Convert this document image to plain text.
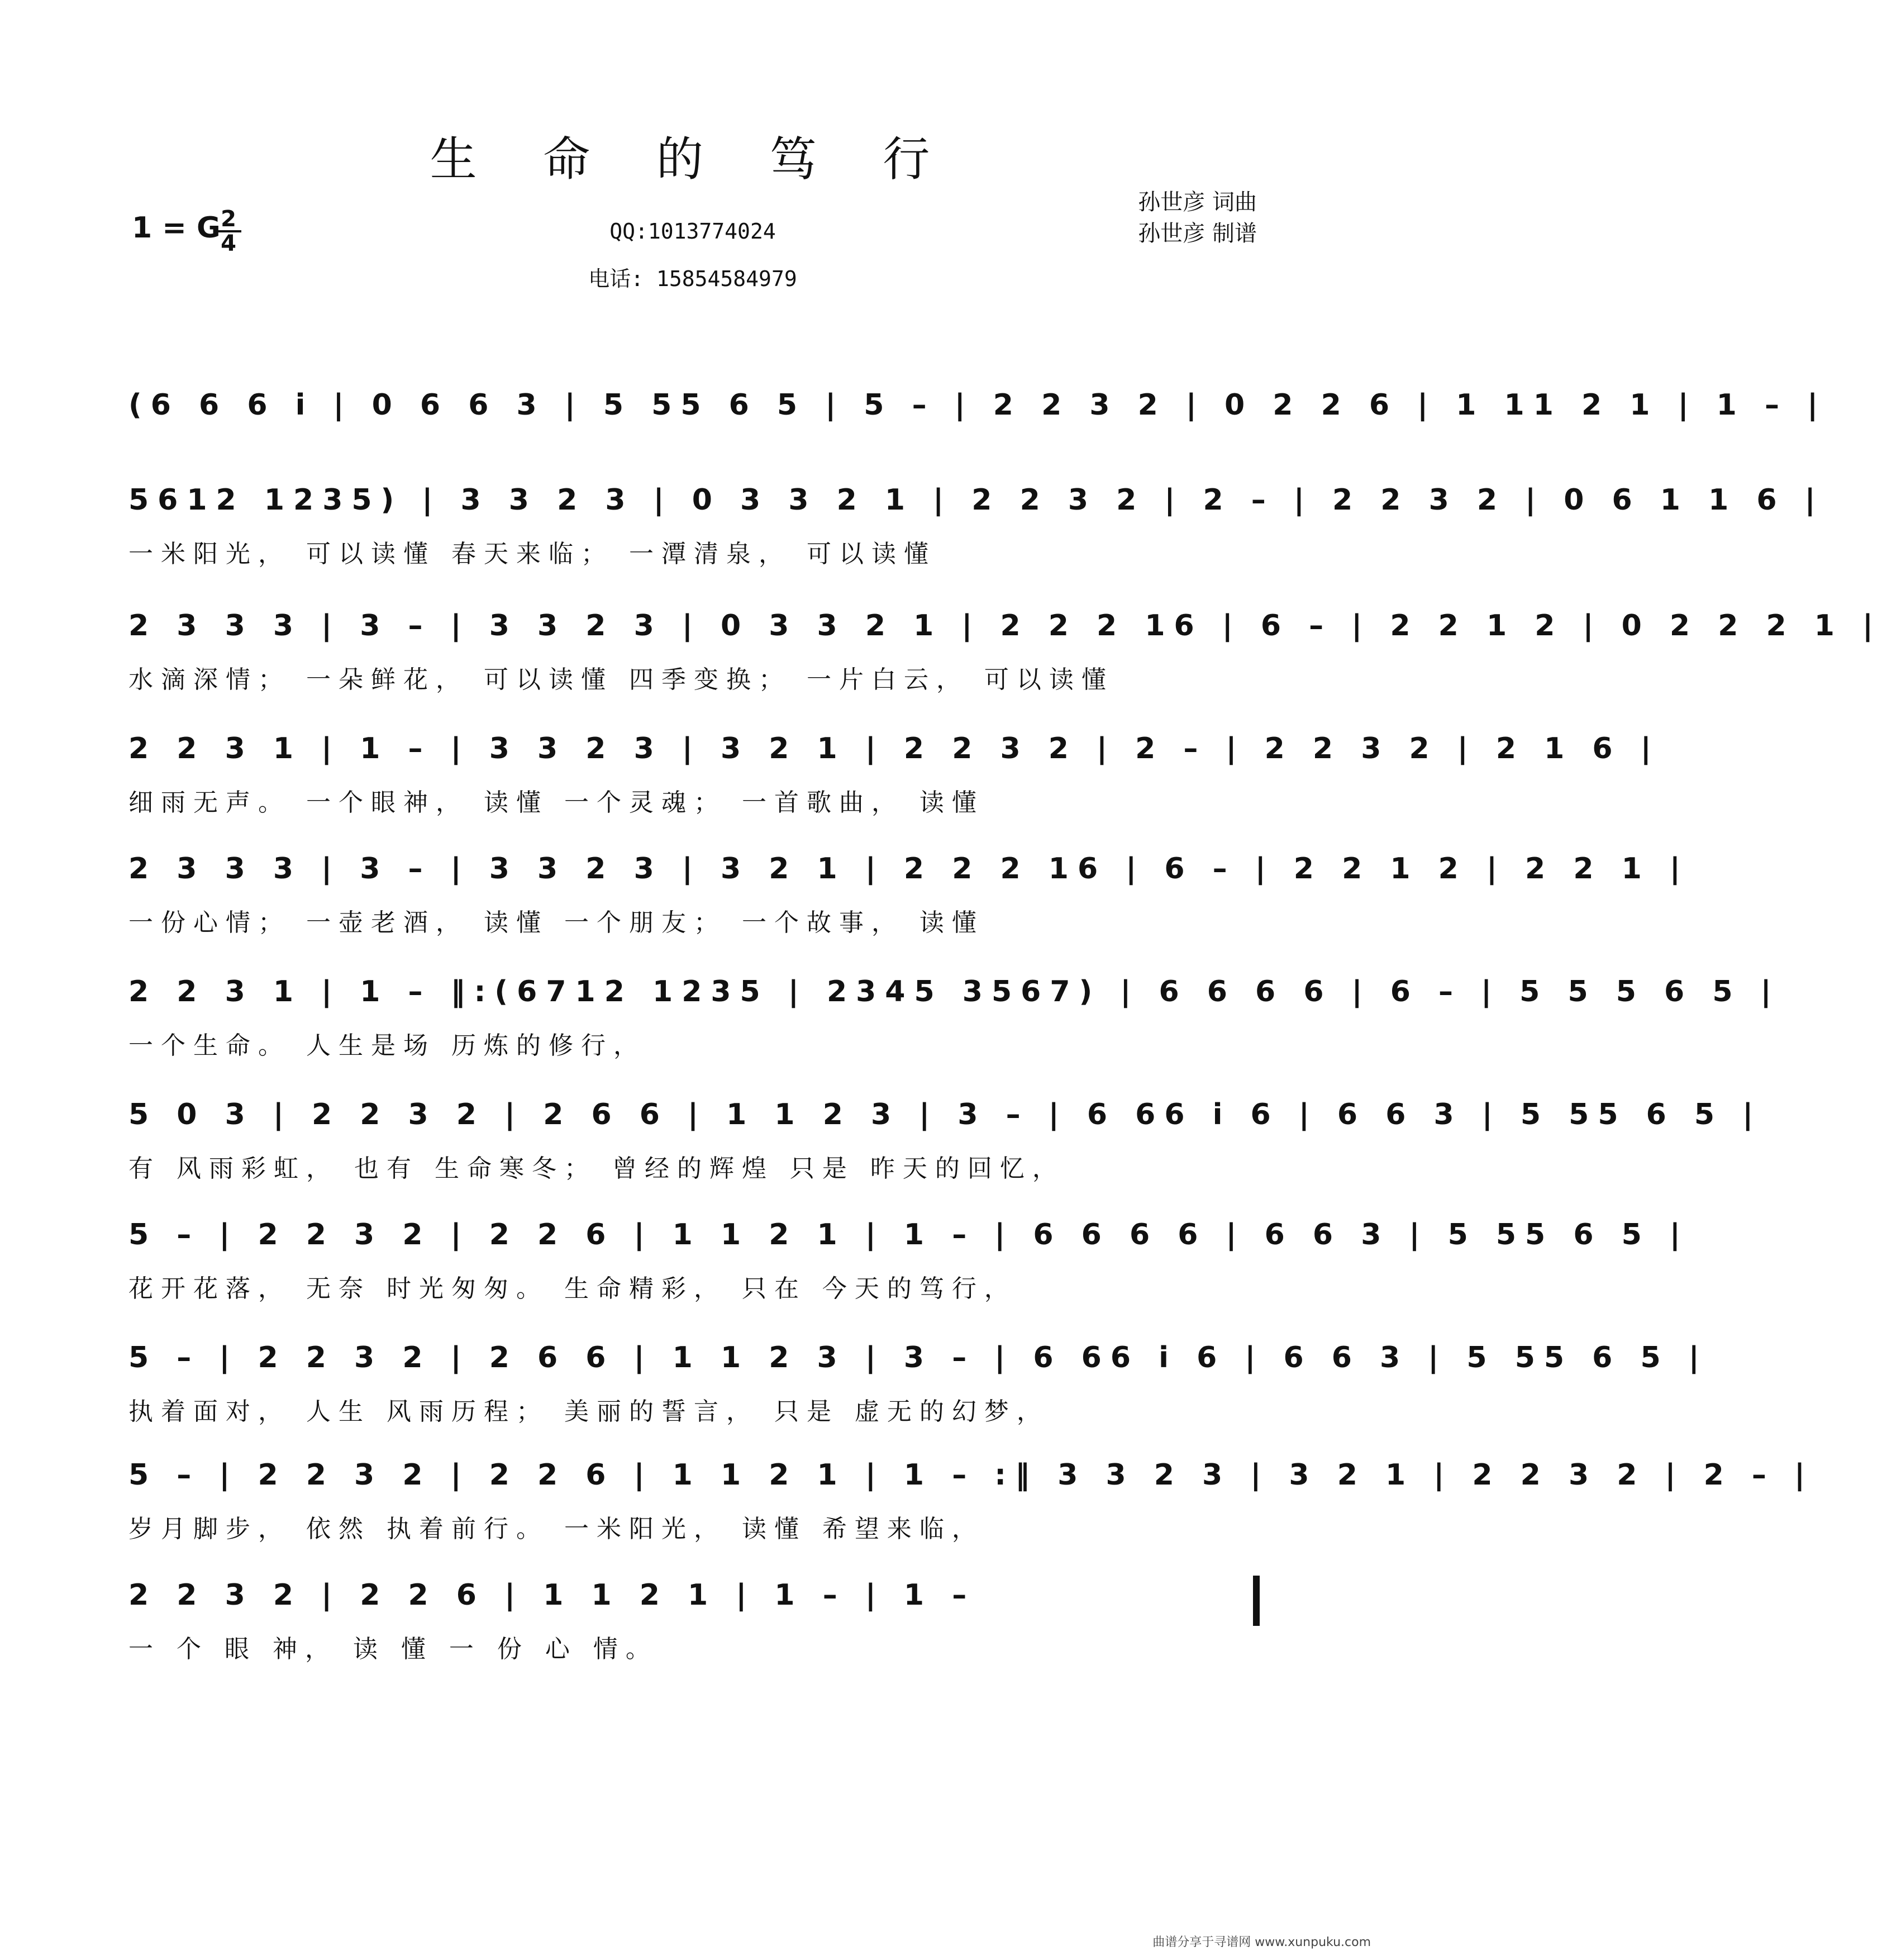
生 命 的 笃 行
1 = G 2
4	QQ:1013774024
电话: 15854584979
孙世彦 词曲
孙世彦 制谱
(6 6 6 i | 0 6 6 3 | 5 55 6 5 | 5 – | 2 2 3 2 | 0 2 2 6 | 1 11 2 1 | 1 – |
5612 1235) | 3 3 2 3 | 0 3 3 2 1 | 2 2 3 2 | 2 – | 2 2 3 2 | 0 6 1 1 6 |
一米阳光， 可以读懂 春天来临； 一潭清泉， 可以读懂
2 3 3 3 | 3 – | 3 3 2 3 | 0 3 3 2 1 | 2 2 2 16 | 6 – | 2 2 1 2 | 0 2 2 2 1 |
水滴深情； 一朵鲜花， 可以读懂 四季变换； 一片白云， 可以读懂
2 2 3 1 | 1 – | 3 3 2 3 | 3 2 1 | 2 2 3 2 | 2 – | 2 2 3 2 | 2 1 6 |
细雨无声。 一个眼神， 读懂 一个灵魂； 一首歌曲， 读懂
2 3 3 3 | 3 – | 3 3 2 3 | 3 2 1 | 2 2 2 16 | 6 – | 2 2 1 2 | 2 2 1 |
一份心情； 一壶老酒， 读懂 一个朋友； 一个故事， 读懂
2 2 3 1 | 1 – ‖:(6712 1235 | 2345 3567) | 6 6 6 6 | 6 – | 5 5 5 6 5 |
一个生命。 人生是场 历炼的修行，
5 0 3 | 2 2 3 2 | 2 6 6 | 1 1 2 3 | 3 – | 6 66 i 6 | 6 6 3 | 5 55 6 5 |
有 风雨彩虹， 也有 生命寒冬； 曾经的辉煌 只是 昨天的回忆，
5 – | 2 2 3 2 | 2 2 6 | 1 1 2 1 | 1 – | 6 6 6 6 | 6 6 3 | 5 55 6 5 |
花开花落， 无奈 时光匆匆。 生命精彩， 只在 今天的笃行，
5 – | 2 2 3 2 | 2 6 6 | 1 1 2 3 | 3 – | 6 66 i 6 | 6 6 3 | 5 55 6 5 |
执着面对， 人生 风雨历程； 美丽的誓言， 只是 虚无的幻梦，
5 – | 2 2 3 2 | 2 2 6 | 1 1 2 1 | 1 – :‖ 3 3 2 3 | 3 2 1 | 2 2 3 2 | 2 – |
岁月脚步， 依然 执着前行。 一米阳光， 读懂 希望来临，
2 2 3 2 | 2 2 6 | 1 1 2 1 | 1 – | 1 –
一 个 眼 神， 读 懂 一 份 心 情。
曲谱分享于寻谱网 www.xunpuku.com
